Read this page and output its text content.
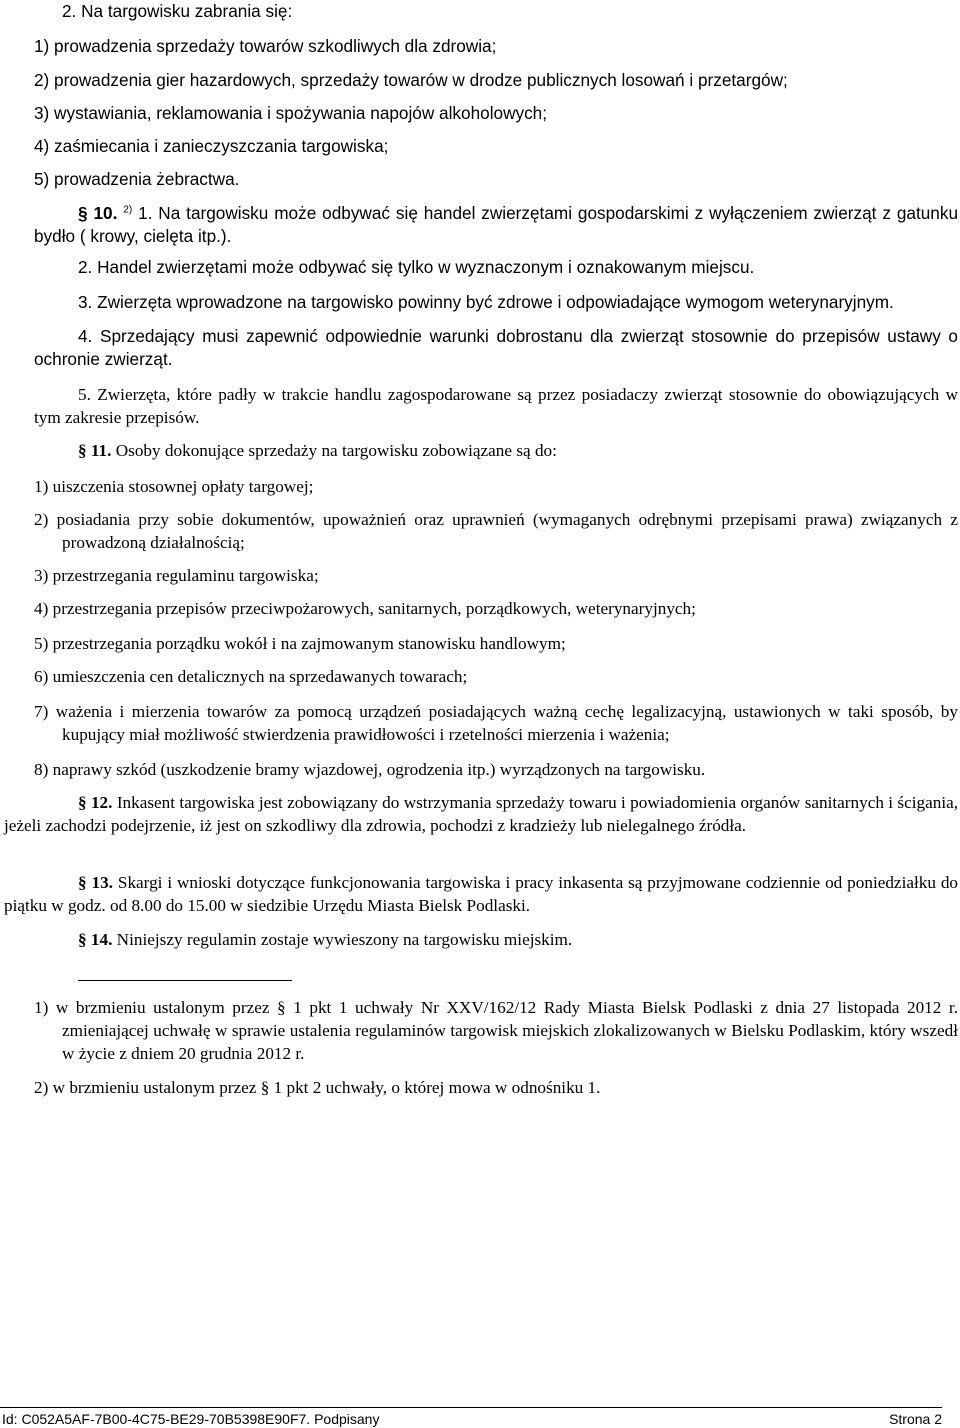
2. Na targowisku zabrania się:
1) prowadzenia sprzedaży towarów szkodliwych dla zdrowia;
2) prowadzenia gier hazardowych, sprzedaży towarów w drodze publicznych losowań i przetargów;
3) wystawiania, reklamowania i spożywania napojów alkoholowych;
4) zaśmiecania i zanieczyszczania targowiska;
5) prowadzenia żebractwa.
§ 10. $^{2)}$ 1. Na targowisku może odbywać się handel zwierzętami gospodarskimi z wyłączeniem zwierząt z gatunku bydło ( krowy, cielęta itp.).
2. Handel zwierzętami może odbywać się tylko w wyznaczonym i oznakowanym miejscu.
3. Zwierzęta wprowadzone na targowisko powinny być zdrowe i odpowiadające wymogom weterynaryjnym.
4. Sprzedający musi zapewnić odpowiednie warunki dobrostanu dla zwierząt stosownie do przepisów ustawy o ochronie zwierząt.
5. Zwierzęta, które padły w trakcie handlu zagospodarowane są przez posiadaczy zwierząt stosownie do obowiązujących w tym zakresie przepisów.
§ 11. Osoby dokonujące sprzedaży na targowisku zobowiązane są do:
1) uiszczenia stosownej opłaty targowej;
2) posiadania przy sobie dokumentów, upoważnień oraz uprawnień (wymaganych odrębnymi przepisami prawa) związanych z prowadzoną działalnością;
3) przestrzegania regulaminu targowiska;
4) przestrzegania przepisów przeciwpożarowych, sanitarnych, porządkowych, weterynaryjnych;
5) przestrzegania porządku wokół i na zajmowanym stanowisku handlowym;
6) umieszczenia cen detalicznych na sprzedawanych towarach;
7) ważenia i mierzenia towarów za pomocą urządzeń posiadających ważną cechę legalizacyjną, ustawionych w taki sposób, by kupujący miał możliwość stwierdzenia prawidłowości i rzetelności mierzenia i ważenia;
8) naprawy szkód (uszkodzenie bramy wjazdowej, ogrodzenia itp.) wyrządzonych na targowisku.
§ 12. Inkasent targowiska jest zobowiązany do wstrzymania sprzedaży towaru i powiadomienia organów sanitarnych i ścigania, jeżeli zachodzi podejrzenie, iż jest on szkodliwy dla zdrowia, pochodzi z kradzieży lub nielegalnego źródła.
§ 13. Skargi i wnioski dotyczące funkcjonowania targowiska i pracy inkasenta są przyjmowane codziennie od poniedziałku do piątku w godz. od 8.00 do 15.00 w siedzibie Urzędu Miasta Bielsk Podlaski.
§ 14. Niniejszy regulamin zostaje wywieszony na targowisku miejskim.
1) w brzmieniu ustalonym przez § 1 pkt 1 uchwały Nr XXV/162/12 Rady Miasta Bielsk Podlaski z dnia 27 listopada 2012 r. zmieniającej uchwałę w sprawie ustalenia regulaminów targowisk miejskich zlokalizowanych w Bielsku Podlaskim, który wszedł w życie z dniem 20 grudnia 2012 r.
2) w brzmieniu ustalonym przez § 1 pkt 2 uchwały, o której mowa w odnośniku 1.
Id: C052A5AF-7B00-4C75-BE29-70B5398E90F7. Podpisany	Strona 2
